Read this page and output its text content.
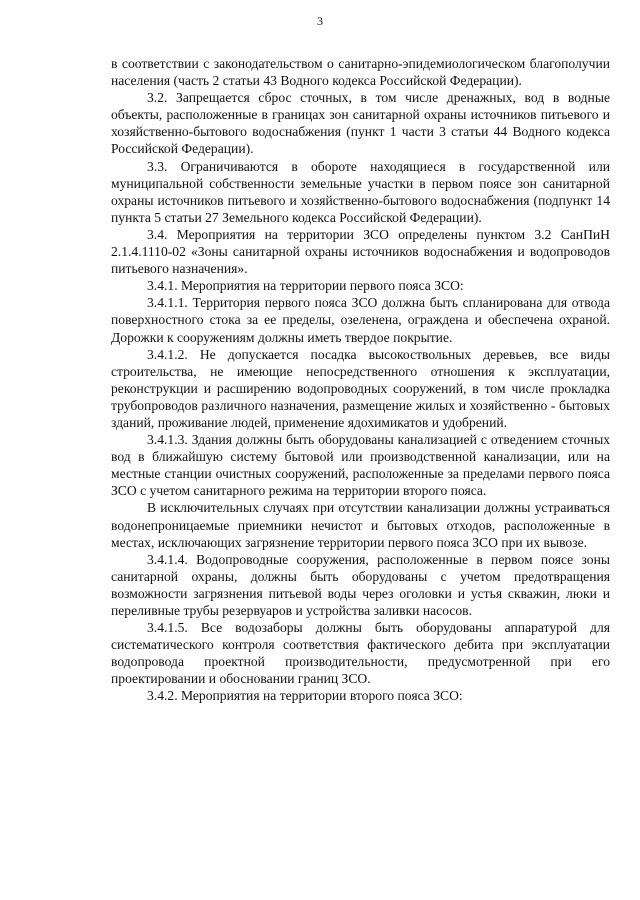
3

в соответствии с законодательством о санитарно-эпидемиологическом благополучии населения (часть 2 статьи 43 Водного кодекса Российской Федерации).

3.2. Запрещается сброс сточных, в том числе дренажных, вод в водные объекты, расположенные в границах зон санитарной охраны источников питьевого и хозяйственно-бытового водоснабжения (пункт 1 части 3 статьи 44 Водного кодекса Российской Федерации).

3.3. Ограничиваются в обороте находящиеся в государственной или муниципальной собственности земельные участки в первом поясе зон санитарной охраны источников питьевого и хозяйственно-бытового водоснабжения (подпункт 14 пункта 5 статьи 27 Земельного кодекса Российской Федерации).

3.4. Мероприятия на территории ЗСО определены пунктом 3.2 СанПиН 2.1.4.1110-02 «Зоны санитарной охраны источников водоснабжения и водопроводов питьевого назначения».

3.4.1. Мероприятия на территории первого пояса ЗСО:

3.4.1.1. Территория первого пояса ЗСО должна быть спланирована для отвода поверхностного стока за ее пределы, озеленена, ограждена и обеспечена охраной. Дорожки к сооружениям должны иметь твердое покрытие.

3.4.1.2. Не допускается посадка высокоствольных деревьев, все виды строительства, не имеющие непосредственного отношения к эксплуатации, реконструкции и расширению водопроводных сооружений, в том числе прокладка трубопроводов различного назначения, размещение жилых и хозяйственно - бытовых зданий, проживание людей, применение ядохимикатов и удобрений.

3.4.1.3. Здания должны быть оборудованы канализацией с отведением сточных вод в ближайшую систему бытовой или производственной канализации, или на местные станции очистных сооружений, расположенные за пределами первого пояса ЗСО с учетом санитарного режима на территории второго пояса.

В исключительных случаях при отсутствии канализации должны устраиваться водонепроницаемые приемники нечистот и бытовых отходов, расположенные в местах, исключающих загрязнение территории первого пояса ЗСО при их вывозе.

3.4.1.4. Водопроводные сооружения, расположенные в первом поясе зоны санитарной охраны, должны быть оборудованы с учетом предотвращения возможности загрязнения питьевой воды через оголовки и устья скважин, люки и переливные трубы резервуаров и устройства заливки насосов.

3.4.1.5. Все водозаборы должны быть оборудованы аппаратурой для систематического контроля соответствия фактического дебита при эксплуатации водопровода проектной производительности, предусмотренной при его проектировании и обосновании границ ЗСО.

3.4.2. Мероприятия на территории второго пояса ЗСО:
